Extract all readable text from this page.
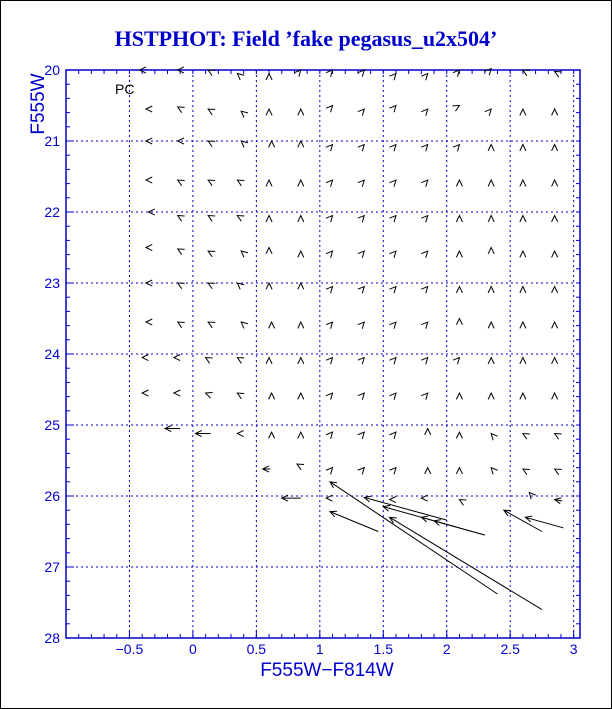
HSTPHOT: Field ’fake pegasus_u2x504’
−0.5	0	0.5	1	1.5	2	2.5	3
20
21
22
23
24
25
26
27
28
F555W−F814W
F555W	PC
